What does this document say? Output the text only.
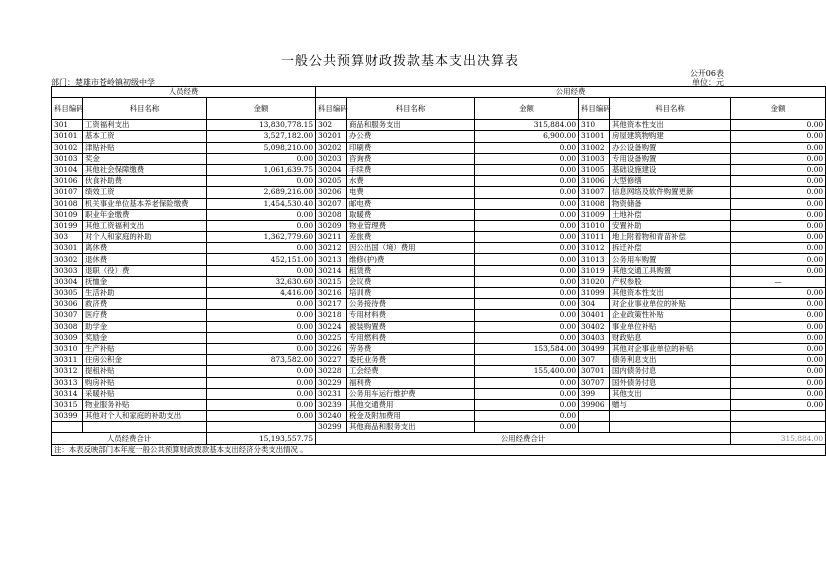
一般公共预算财政拨款基本支出决算表
公开06表
部门：楚雄市苍岭镇初级中学	单位：元
人员经费			公用经费					
科目编码	科目名称	金额	科目编码	科目名称	金额	科目编码	科目名称	金额
301	工资福利支出	13,830,778.15	302	商品和服务支出	315,884.00	310	其他资本性支出	0.00
30101	基本工资	3,527,182.00	30201	办公费	6,900.00	31001	房屋建筑物购建	0.00
30102	津贴补贴	5,098,210.00	30202	印刷费	0.00	31002	办公设备购置	0.00
30103	奖金	0.00	30203	咨询费	0.00	31003	专用设备购置	0.00
30104	其他社会保障缴费	1,061,639.75	30204	手续费	0.00	31005	基础设施建设	0.00
30106	伙食补助费	0.00	30205	水费	0.00	31006	大型修缮	0.00
30107	绩效工资	2,689,216.00	30206	电费	0.00	31007	信息网络及软件购置更新	0.00
30108	机关事业单位基本养老保险缴费	1,454,530.40	30207	邮电费	0.00	31008	物资储备	0.00
30109	职业年金缴费	0.00	30208	取暖费	0.00	31009	土地补偿	0.00
30199	其他工资福利支出	0.00	30209	物业管理费	0.00	31010	安置补助	0.00
303	对个人和家庭的补助	1,362,779.60	30211	差旅费	0.00	31011	地上附着物和青苗补偿	0.00
30301	离休费	0.00	30212	因公出国（境）费用	0.00	31012	拆迁补偿	0.00
30302	退休费	452,151.00	30213	维修(护)费	0.00	31013	公务用车购置	0.00
30303	退职（役）费	0.00	30214	租赁费	0.00	31019	其他交通工具购置	0.00
30304	抚恤金	32,630.60	30215	会议费	0.00	31020	产权参股	—
30305	生活补助	4,416.00	30216	培训费	0.00	31099	其他资本性支出	0.00
30306	救济费	0.00	30217	公务接待费	0.00	304	对企业事业单位的补贴	0.00
30307	医疗费	0.00	30218	专用材料费	0.00	30401	企业政策性补贴	0.00
30308	助学金	0.00	30224	被装购置费	0.00	30402	事业单位补贴	0.00
30309	奖励金	0.00	30225	专用燃料费	0.00	30403	财政贴息	0.00
30310	生产补贴	0.00	30226	劳务费	153,584.00	30499	其他对企事业单位的补贴	0.00
30311	住房公积金	873,582.00	30227	委托业务费	0.00	307	债务利息支出	0.00
30312	提租补贴	0.00	30228	工会经费	155,400.00	30701	国内债务付息	0.00
30313	购房补贴	0.00	30229	福利费	0.00	30707	国外债务付息	0.00
30314	采暖补贴	0.00	30231	公务用车运行维护费	0.00	399	其他支出	0.00
30315	物业服务补贴	0.00	30239	其他交通费用	0.00	39906	赠与	0.00
30399	其他对个人和家庭的补助支出	0.00	30240	税金及附加费用	0.00			
			30299	其他商品和服务支出	0.00			
人员经费合计		15,193,557.75	公用经费合计					315,884.00
注：本表反映部门本年度一般公共预算财政拨款基本支出经济分类支出情况 。								
